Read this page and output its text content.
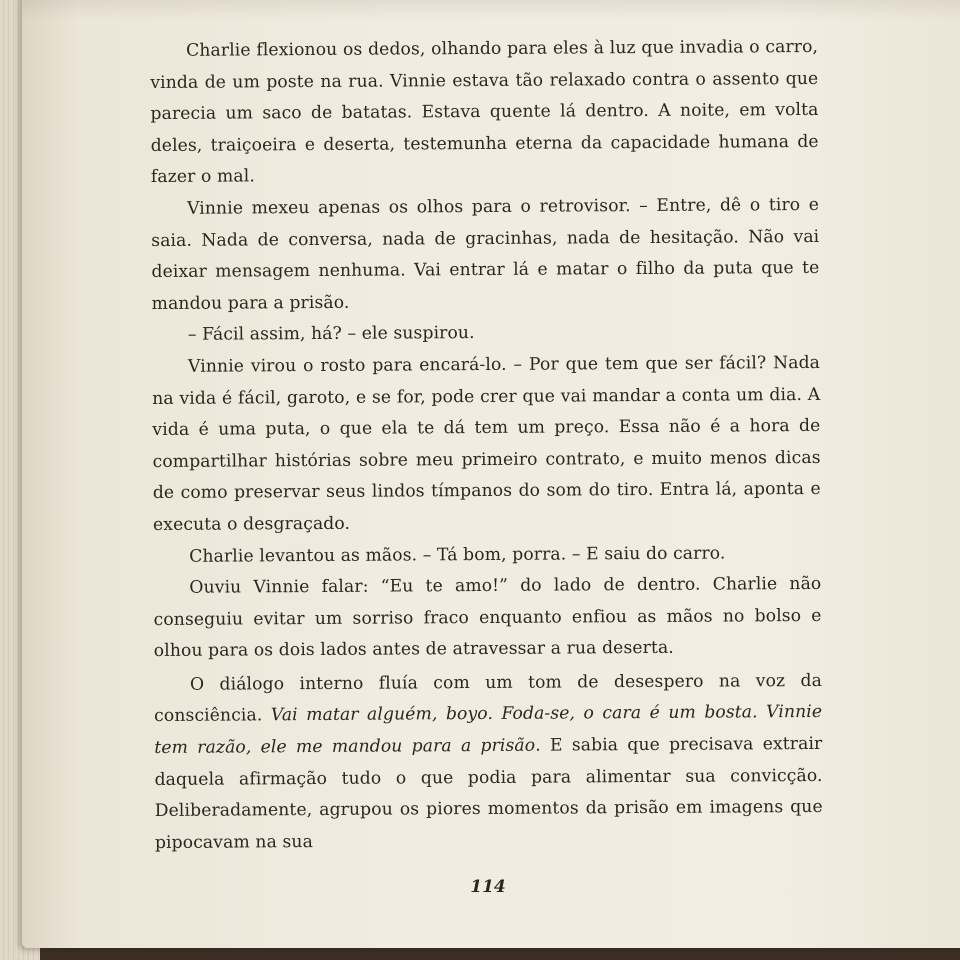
Charlie flexionou os dedos, olhando para eles à luz que invadia o carro, vinda de um poste na rua. Vinnie estava tão relaxado contra o assento que parecia um saco de batatas. Estava quente lá dentro. A noite, em volta deles, traiçoeira e deserta, testemunha eterna da capacidade humana de fazer o mal.

Vinnie mexeu apenas os olhos para o retrovisor. – Entre, dê o tiro e saia. Nada de conversa, nada de gracinhas, nada de hesitação. Não vai deixar mensagem nenhuma. Vai entrar lá e matar o filho da puta que te mandou para a prisão.

– Fácil assim, há? – ele suspirou.

Vinnie virou o rosto para encará-lo. – Por que tem que ser fácil? Nada na vida é fácil, garoto, e se for, pode crer que vai mandar a conta um dia. A vida é uma puta, o que ela te dá tem um preço. Essa não é a hora de compartilhar histórias sobre meu primeiro contrato, e muito menos dicas de como preservar seus lindos tímpanos do som do tiro. Entra lá, aponta e executa o desgraçado.

Charlie levantou as mãos. – Tá bom, porra. – E saiu do carro.

Ouviu Vinnie falar: “Eu te amo!” do lado de dentro. Charlie não conseguiu evitar um sorriso fraco enquanto enfiou as mãos no bolso e olhou para os dois lados antes de atravessar a rua deserta.

O diálogo interno fluía com um tom de desespero na voz da consciência. Vai matar alguém, boyo. Foda-se, o cara é um bosta. Vinnie tem razão, ele me mandou para a prisão. E sabia que precisava extrair daquela afirmação tudo o que podia para alimentar sua convicção. Deliberadamente, agrupou os piores momentos da prisão em imagens que pipocavam na sua

114
